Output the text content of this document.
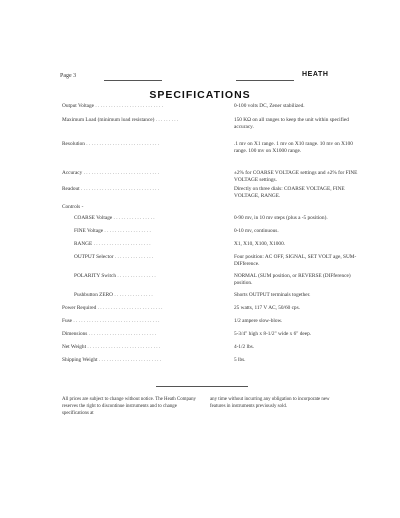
Page 3	HEATH
SPECIFICATIONS
Output Voltage . . . . . . . . . . . . . . . . . . . . . . . . . .	0-100 volts DC, Zener stabilized.
Maximum Load (minimum load resistance) . . . . . . . . .	150 KΩ on all ranges to keep the unit within specified accuracy.
Resolution . . . . . . . . . . . . . . . . . . . . . . . . . . . .	.1 mv on X1 range. 1 mv on X10 range. 10 mv on X100 range. 100 mv on X1000 range.
Accuracy . . . . . . . . . . . . . . . . . . . . . . . . . . . . .	±2% for COARSE VOLTAGE settings and ±2% for FINE VOLTAGE settings.
Readout . . . . . . . . . . . . . . . . . . . . . . . . . . . . . .	Directly on three dials: COARSE VOLTAGE, FINE VOLTAGE, RANGE.
Controls -
COARSE Voltage . . . . . . . . . . . . . . . .	0-90 mv, in 10 mv steps (plus a -5 position).
FINE Voltage . . . . . . . . . . . . . . . . . .	0-10 mv, continuous.
RANGE . . . . . . . . . . . . . . . . . . . . . .	X1, X10, X100, X1000.
OUTPUT Selector . . . . . . . . . . . . . . .	Four position: AC OFF, SIGNAL, SET VOLT age, SUM-DIFference.
POLARITY Switch . . . . . . . . . . . . . . .	NORMAL (SUM position, or REVERSE (DIFference) position.
Pushbutton ZERO . . . . . . . . . . . . . . .	Shorts OUTPUT terminals together.
Power Required . . . . . . . . . . . . . . . . . . . . . . . . .	25 watts, 117 V AC, 50/60 cps.
Fuse . . . . . . . . . . . . . . . . . . . . . . . . . . . . . . . . .	1/2 ampere slow-blow.
Dimensions . . . . . . . . . . . . . . . . . . . . . . . . . .	5-3/4" high x 8-1/2" wide x 6" deep.
Net Weight . . . . . . . . . . . . . . . . . . . . . . . . . . . .	4-1/2 lbs.
Shipping Weight . . . . . . . . . . . . . . . . . . . . . . . .	5 lbs.
All prices are subject to change without notice. The Heath Company reserves the right to discontinue instruments and to change specifications at
any time without incurring any obligation to incorporate new features in instruments previously sold.
